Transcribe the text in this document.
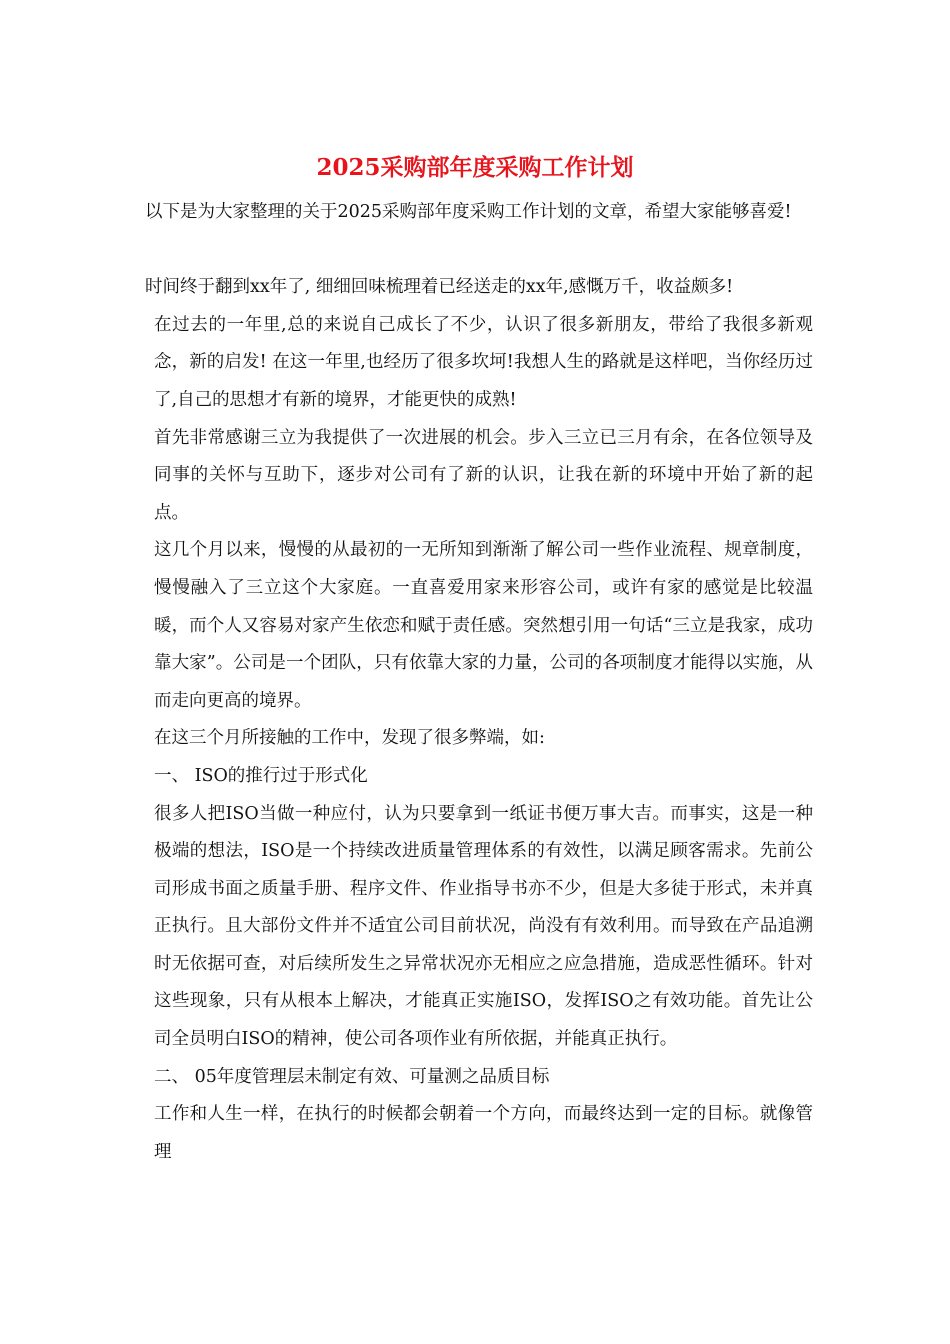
2025采购部年度采购工作计划

以下是为大家整理的关于2025采购部年度采购工作计划的文章，希望大家能够喜爱!

时间终于翻到xx年了, 细细回味梳理着已经送走的xx年,感慨万千，收益颇多!

在过去的一年里,总的来说自己成长了不少，认识了很多新朋友，带给了我很多新观念，新的启发! 在这一年里,也经历了很多坎坷!我想人生的路就是这样吧，当你经历过了,自己的思想才有新的境界，才能更快的成熟!

首先非常感谢三立为我提供了一次进展的机会。步入三立已三月有余，在各位领导及同事的关怀与互助下，逐步对公司有了新的认识，让我在新的环境中开始了新的起点。

这几个月以来，慢慢的从最初的一无所知到渐渐了解公司一些作业流程、规章制度，慢慢融入了三立这个大家庭。一直喜爱用家来形容公司，或许有家的感觉是比较温暖，而个人又容易对家产生依恋和赋于责任感。突然想引用一句话“三立是我家，成功靠大家”。公司是一个团队，只有依靠大家的力量，公司的各项制度才能得以实施，从而走向更高的境界。

在这三个月所接触的工作中，发现了很多弊端，如:

一、 ISO的推行过于形式化

很多人把ISO当做一种应付，认为只要拿到一纸证书便万事大吉。而事实，这是一种极端的想法，ISO是一个持续改进质量管理体系的有效性，以满足顾客需求。先前公司形成书面之质量手册、程序文件、作业指导书亦不少，但是大多徒于形式，未并真正执行。且大部份文件并不适宜公司目前状况，尚没有有效利用。而导致在产品追溯时无依据可查，对后续所发生之异常状况亦无相应之应急措施，造成恶性循环。针对这些现象，只有从根本上解决，才能真正实施ISO，发挥ISO之有效功能。首先让公司全员明白ISO的精神，使公司各项作业有所依据，并能真正执行。

二、 05年度管理层未制定有效、可量测之品质目标

工作和人生一样，在执行的时候都会朝着一个方向，而最终达到一定的目标。就像管理
